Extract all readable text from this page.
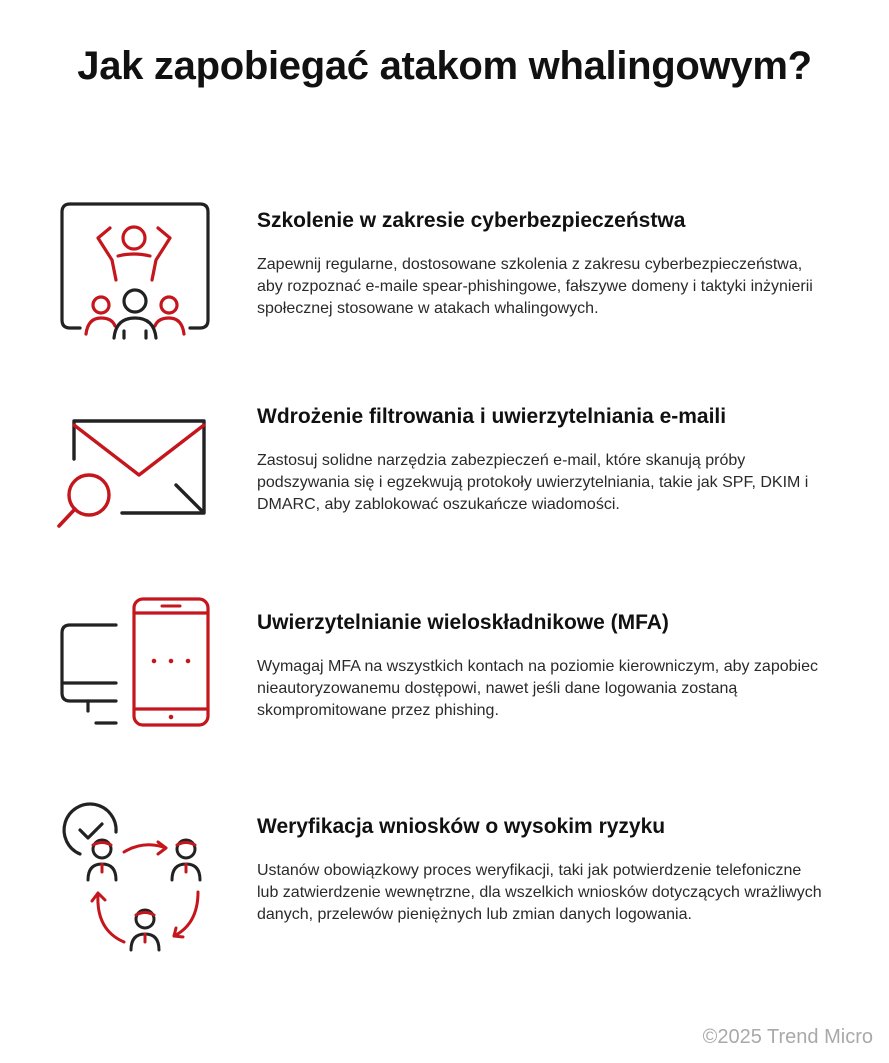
Jak zapobiegać atakom whalingowym?

Szkolenie w zakresie cyberbezpieczeństwa

Zapewnij regularne, dostosowane szkolenia z zakresu cyberbezpieczeństwa, aby rozpoznać e-maile spear-phishingowe, fałszywe domeny i taktyki inżynierii społecznej stosowane w atakach whalingowych.

Wdrożenie filtrowania i uwierzytelniania e-maili

Zastosuj solidne narzędzia zabezpieczeń e-mail, które skanują próby podszywania się i egzekwują protokoły uwierzytelniania, takie jak SPF, DKIM i DMARC, aby zablokować oszukańcze wiadomości.

Uwierzytelnianie wieloskładnikowe (MFA)

Wymagaj MFA na wszystkich kontach na poziomie kierowniczym, aby zapobiec nieautoryzowanemu dostępowi, nawet jeśli dane logowania zostaną skompromitowane przez phishing.

Weryfikacja wniosków o wysokim ryzyku

Ustanów obowiązkowy proces weryfikacji, taki jak potwierdzenie telefoniczne lub zatwierdzenie wewnętrzne, dla wszelkich wniosków dotyczących wrażliwych danych, przelewów pieniężnych lub zmian danych logowania.

©2025 Trend Micro
